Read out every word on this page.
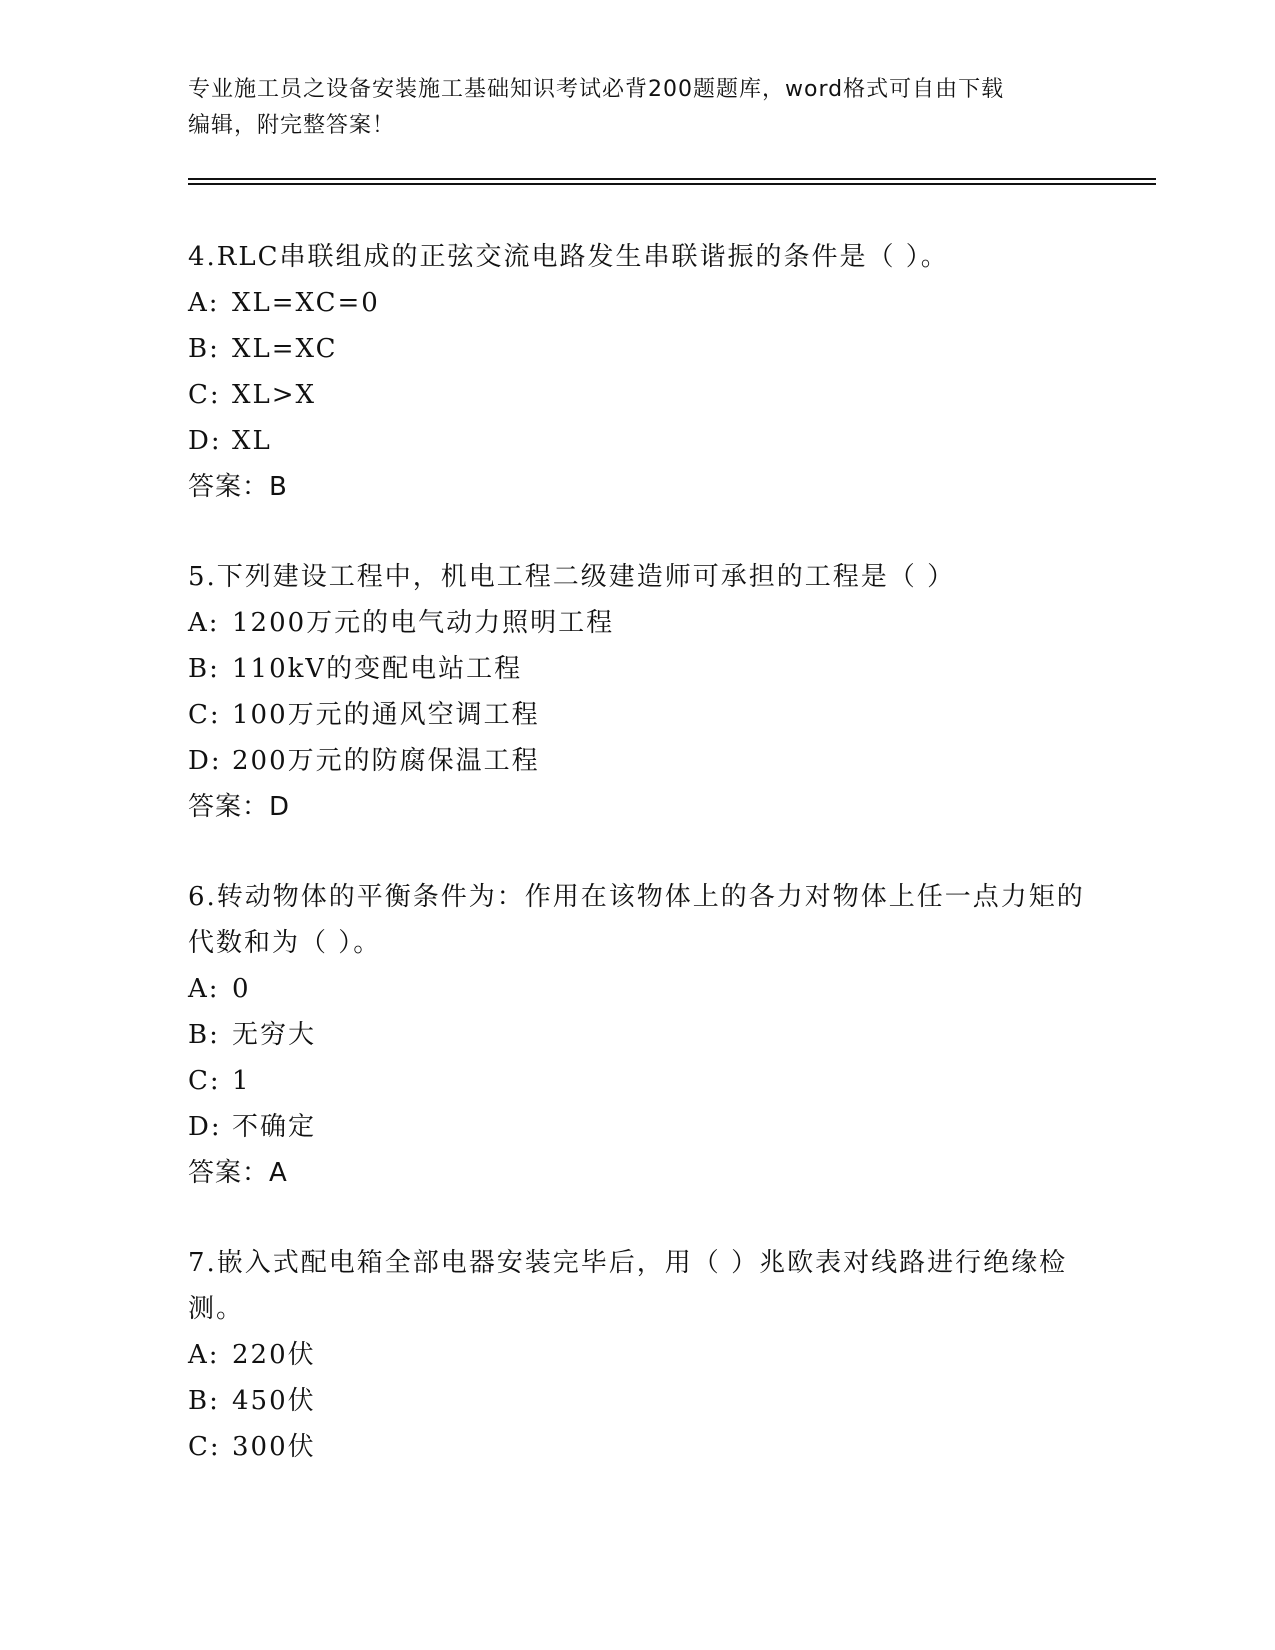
专业施工员之设备安装施工基础知识考试必背200题题库，word格式可自由下载
编辑，附完整答案！
4.RLC串联组成的正弦交流电路发生串联谐振的条件是（ ）。
A: XL=XC=0
B: XL=XC
C: XL>X
D: XL
答案：B
5.下列建设工程中，机电工程二级建造师可承担的工程是（ ）
A: 1200万元的电气动力照明工程
B: 110kV的变配电站工程
C: 100万元的通风空调工程
D: 200万元的防腐保温工程
答案：D
6.转动物体的平衡条件为：作用在该物体上的各力对物体上任一点力矩的代数和为（ ）。
A: 0
B: 无穷大
C: 1
D: 不确定
答案：A
7.嵌入式配电箱全部电器安装完毕后，用（ ）兆欧表对线路进行绝缘检测。
A: 220伏
B: 450伏
C: 300伏
